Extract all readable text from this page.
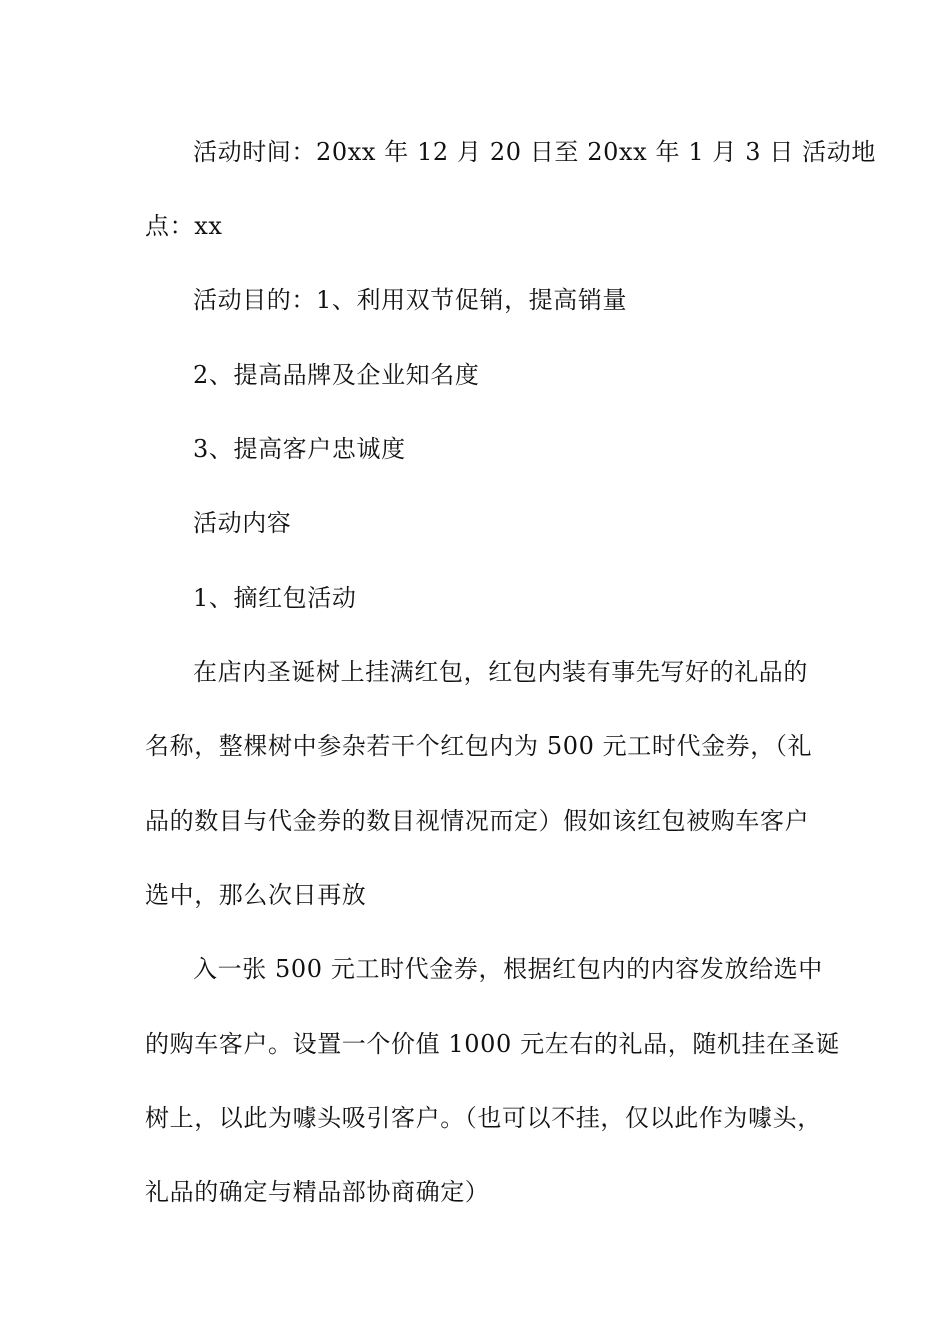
活动时间：20xx 年 12 月 20 日至 20xx 年 1 月 3 日 活动地

点：xx

活动目的：1、利用双节促销，提高销量

2、提高品牌及企业知名度

3、提高客户忠诚度

活动内容

1、摘红包活动

在店内圣诞树上挂满红包，红包内装有事先写好的礼品的

名称，整棵树中参杂若干个红包内为 500 元工时代金券，（礼

品的数目与代金券的数目视情况而定）假如该红包被购车客户

选中，那么次日再放

入一张 500 元工时代金券，根据红包内的内容发放给选中

的购车客户。设置一个价值 1000 元左右的礼品，随机挂在圣诞

树上，以此为噱头吸引客户。（也可以不挂，仅以此作为噱头，

礼品的确定与精品部协商确定）
